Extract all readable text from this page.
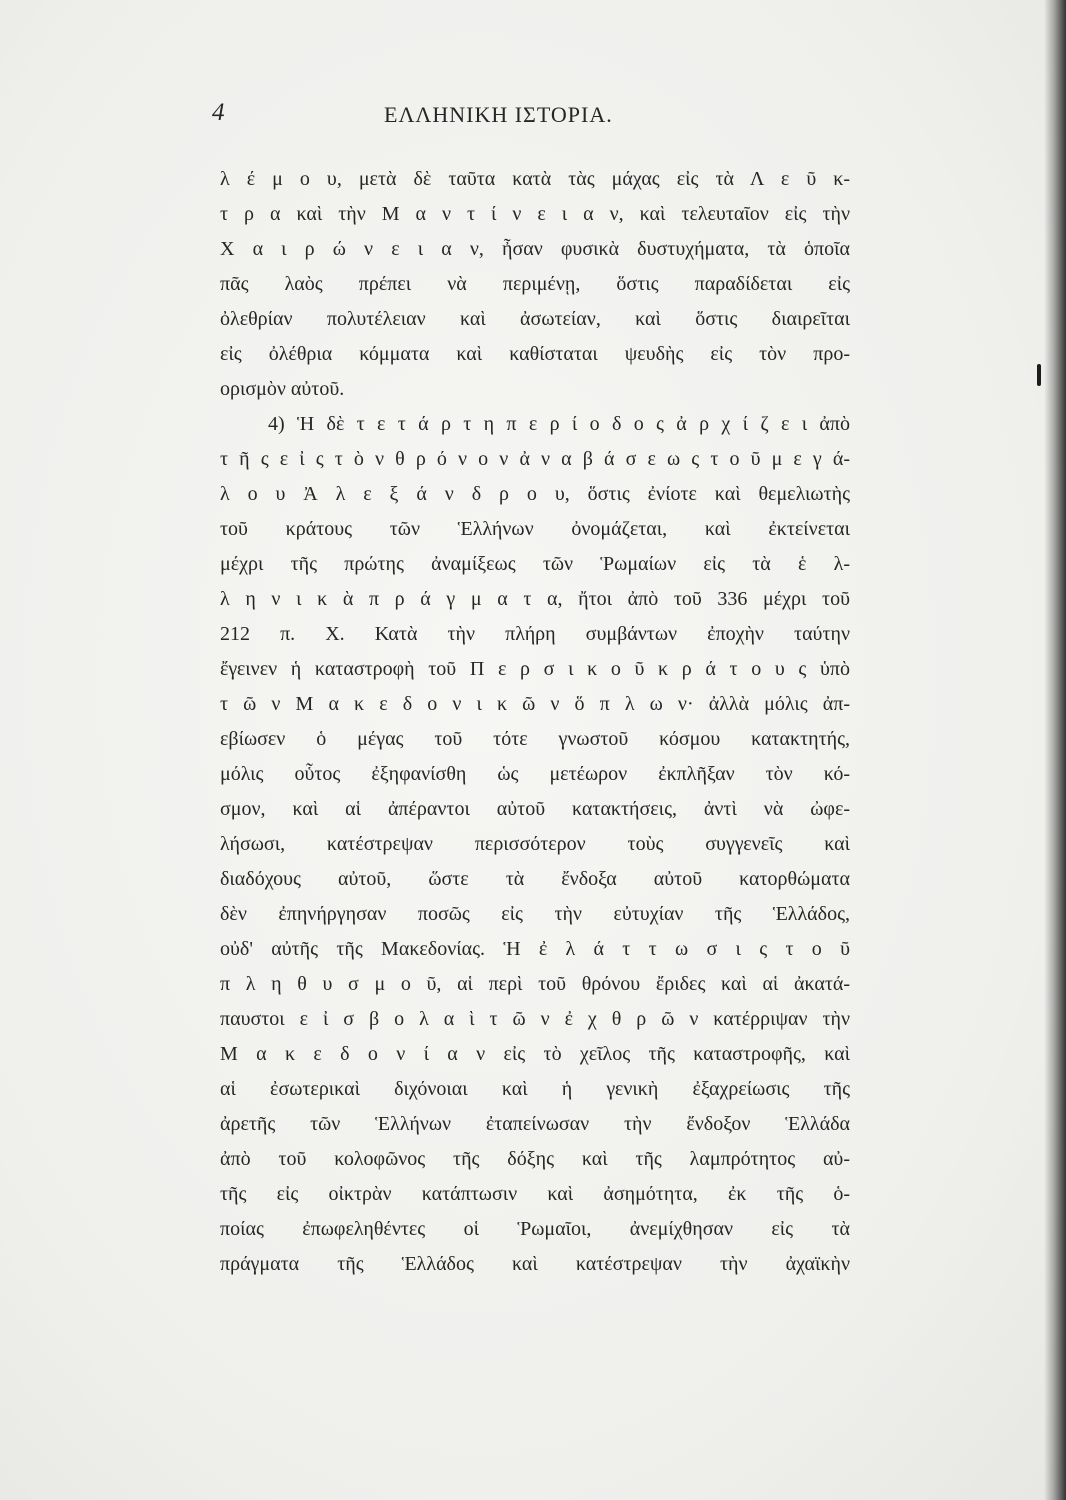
4	ΕΛΛΗΝΙΚΗ ΙΣΤΟΡΙΑ.
λ έ μ ο υ, μετὰ δὲ ταῦτα κατὰ τὰς μάχας εἰς τὰ Λ ε ῦ κ-
τ ρ α καὶ τὴν Μ α ν τ ί ν ε ι α ν, καὶ τελευταῖον εἰς τὴν
Χ α ι ρ ώ ν ε ι α ν, ἦσαν φυσικὰ δυστυχήματα, τὰ ὁποῖα
πᾶς λαὸς πρέπει νὰ περιμένῃ, ὅστις παραδίδεται εἰς
ὀλεθρίαν πολυτέλειαν καὶ ἀσωτείαν, καὶ ὅστις διαιρεῖται
εἰς ὀλέθρια κόμματα καὶ καθίσταται ψευδὴς εἰς τὸν προ-
ορισμὸν αὐτοῦ.
4) Ἡ δὲ τ ε τ ά ρ τ η π ε ρ ί ο δ ο ς ἀ ρ χ ί ζ ε ι ἀπὸ
τ ῆ ς ε ἰ ς τ ὸ ν θ ρ ό ν ο ν ἀ ν α β ά σ ε ω ς τ ο ῦ μ ε γ ά-
λ ο υ Ἀ λ ε ξ ά ν δ ρ ο υ, ὅστις ἐνίοτε καὶ θεμελιωτὴς
τοῦ κράτους τῶν Ἑλλήνων ὀνομάζεται, καὶ ἐκτείνεται
μέχρι τῆς πρώτης ἀναμίξεως τῶν Ῥωμαίων εἰς τὰ ἑ λ-
λ η ν ι κ ὰ π ρ ά γ μ α τ α, ἤτοι ἀπὸ τοῦ 336 μέχρι τοῦ
212 π. Χ. Κατὰ τὴν πλήρη συμβάντων ἐποχὴν ταύτην
ἔγεινεν ἡ καταστροφὴ τοῦ Π ε ρ σ ι κ ο ῦ κ ρ ά τ ο υ ς ὑπὸ
τ ῶ ν Μ α κ ε δ ο ν ι κ ῶ ν ὅ π λ ω ν· ἀλλὰ μόλις ἀπ-
εβίωσεν ὁ μέγας τοῦ τότε γνωστοῦ κόσμου κατακτητής,
μόλις οὗτος ἐξηφανίσθη ὡς μετέωρον ἐκπλῆξαν τὸν κό-
σμον, καὶ αἱ ἀπέραντοι αὐτοῦ κατακτήσεις, ἀντὶ νὰ ὠφε-
λήσωσι, κατέστρεψαν περισσότερον τοὺς συγγενεῖς καὶ
διαδόχους αὐτοῦ, ὥστε τὰ ἔνδοξα αὐτοῦ κατορθώματα
δὲν ἐπηνήργησαν ποσῶς εἰς τὴν εὐτυχίαν τῆς Ἑλλάδος,
οὐδ' αὐτῆς τῆς Μακεδονίας. Ἡ ἐ λ ά τ τ ω σ ι ς τ ο ῦ
π λ η θ υ σ μ ο ῦ, αἱ περὶ τοῦ θρόνου ἔριδες καὶ αἱ ἀκατά-
παυστοι ε ἰ σ β ο λ α ὶ τ ῶ ν ἐ χ θ ρ ῶ ν κατέρριψαν τὴν
Μ α κ ε δ ο ν ί α ν εἰς τὸ χεῖλος τῆς καταστροφῆς, καὶ
αἱ ἐσωτερικαὶ διχόνοιαι καὶ ἡ γενικὴ ἐξαχρείωσις τῆς
ἀρετῆς τῶν Ἑλλήνων ἐταπείνωσαν τὴν ἔνδοξον Ἑλλάδα
ἀπὸ τοῦ κολοφῶνος τῆς δόξης καὶ τῆς λαμπρότητος αὐ-
τῆς εἰς οἰκτρὰν κατάπτωσιν καὶ ἀσημότητα, ἐκ τῆς ὁ-
ποίας ἐπωφεληθέντες οἱ Ῥωμαῖοι, ἀνεμίχθησαν εἰς τὰ
πράγματα τῆς Ἑλλάδος καὶ κατέστρεψαν τὴν ἀχαϊκὴν
